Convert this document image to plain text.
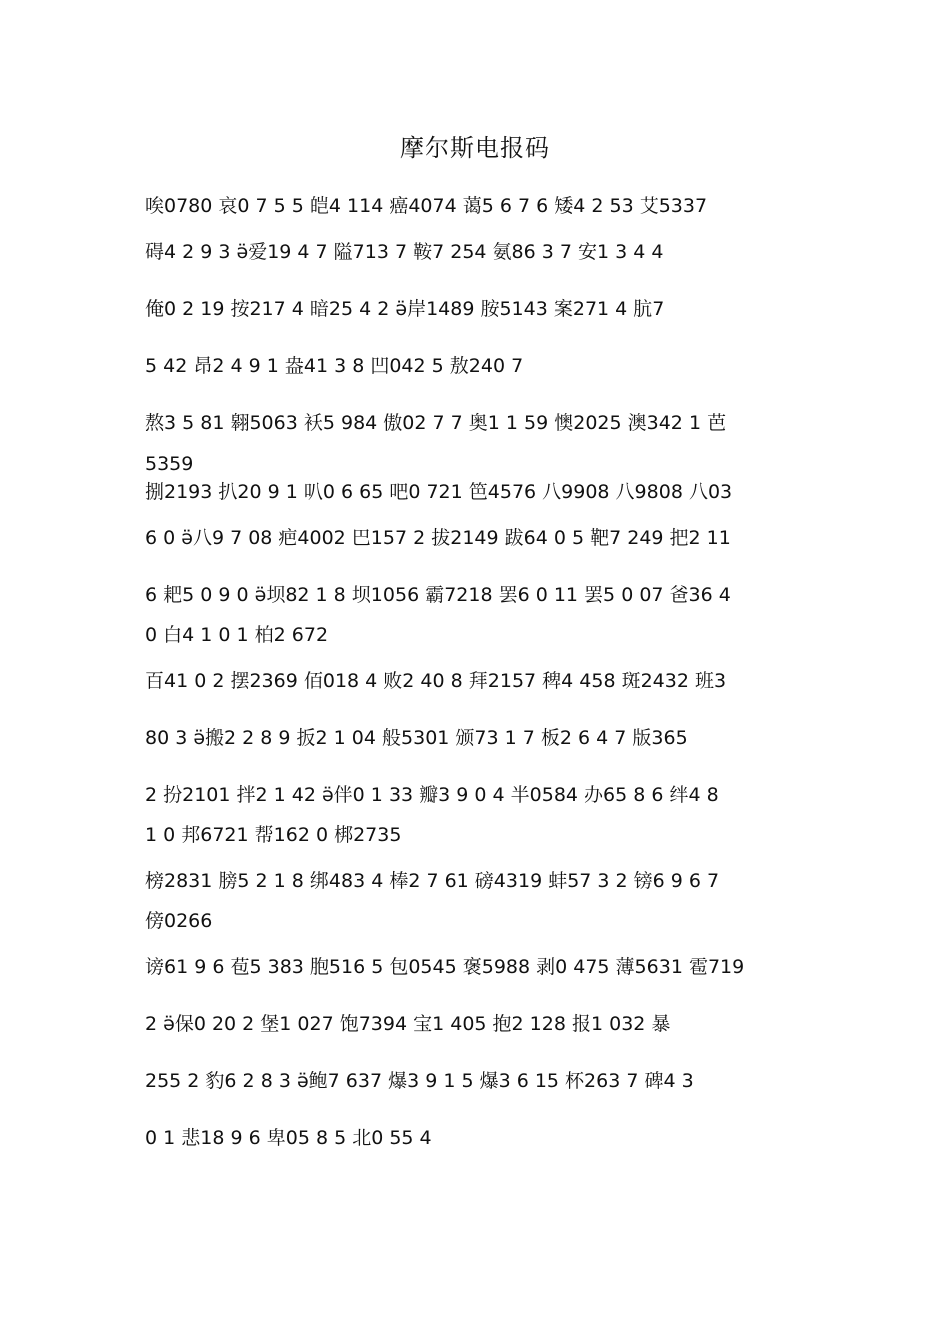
摩尔斯电报码
唉0780 哀0 7 5 5 皑4 114 癌4074 蔼5 6 7 6 矮4 2 53 艾5337
碍4 2 9 3 ӛ爱19 4 7 隘713 7 鞍7 254 氨86 3 7 安1 3 4 4
俺0 2 19 按217 4 暗25 4 2 ӛ岸1489 胺5143 案271 4 肮7
5 42 昂2 4 9 1 盎41 3 8 凹042 5 敖240 7
熬3 5 81 翱5063 袄5 984 傲02 7 7 奥1 1 59 懊2025 澳342 1 芭
5359
捌2193 扒20 9 1 叭0 6 65 吧0 721 笆4576 八9908 八9808 八03
6 0 ӛ八9 7 08 疤4002 巴157 2 拔2149 跋64 0 5 靶7 249 把2 11
6 耙5 0 9 0 ӛ坝82 1 8 坝1056 霸7218 罢6 0 11 罢5 0 07 爸36 4
0 白4 1 0 1 柏2 672
百41 0 2 摆2369 佰018 4 败2 40 8 拜2157 稗4 458 斑2432 班3
80 3 ӛ搬2 2 8 9 扳2 1 04 般5301 颁73 1 7 板2 6 4 7 版365
2 扮2101 拌2 1 42 ӛ伴0 1 33 瓣3 9 0 4 半0584 办65 8 6 绊4 8
1 0 邦6721 帮162 0 梆2735
榜2831 膀5 2 1 8 绑483 4 棒2 7 61 磅4319 蚌57 3 2 镑6 9 6 7
傍0266
谤61 9 6 苞5 383 胞516 5 包0545 褒5988 剥0 475 薄5631 雹719
2 ӛ保0 20 2 堡1 027 饱7394 宝1 405 抱2 128 报1 032 暴
255 2 豹6 2 8 3 ӛ鲍7 637 爆3 9 1 5 爆3 6 15 杯263 7 碑4 3
0 1 悲18 9 6 卑05 8 5 北0 55 4
